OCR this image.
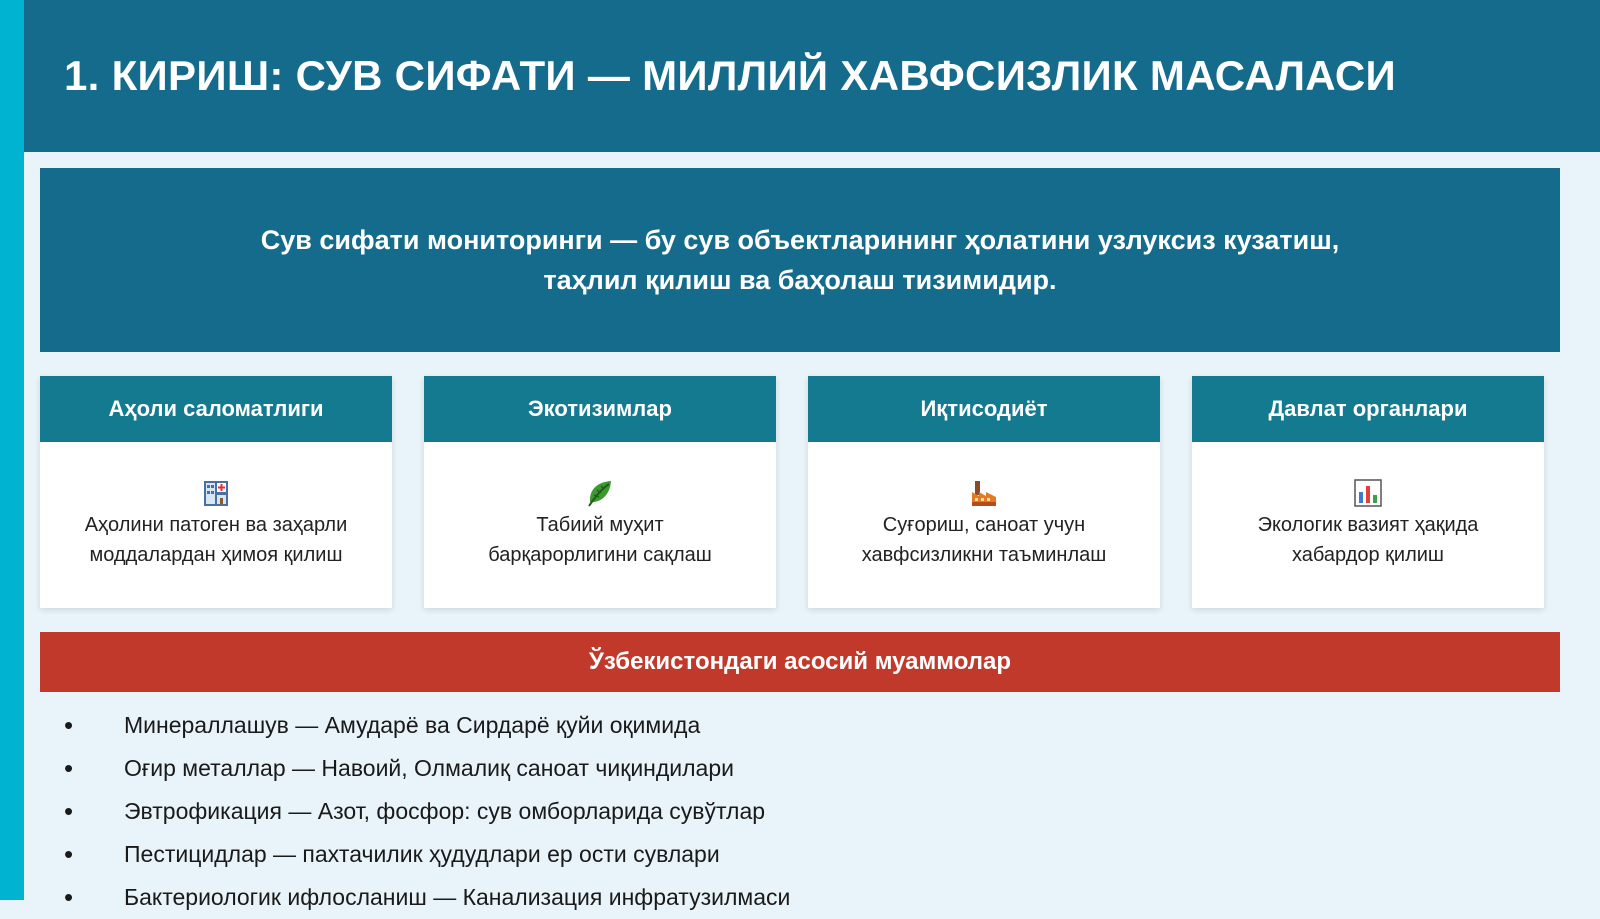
1. КИРИШ: СУВ СИФАТИ — МИЛЛИЙ ХАВФСИЗЛИК МАСАЛАСИ

Сув сифати мониторинги — бу сув объектларининг ҳолатини узлуксиз кузатиш,
таҳлил қилиш ва баҳолаш тизимидир.

Аҳоли саломатлиги
Аҳолини патоген ва заҳарли
моддалардан ҳимоя қилиш
Экотизимлар
Табиий муҳит
барқарорлигини сақлаш
Иқтисодиёт
Суғориш, саноат учун
хавфсизликни таъминлаш
Давлат органлари
Экологик вазият ҳақида
хабардор қилиш
Ўзбекистондаги асосий муаммолар
• Минераллашув — Амударё ва Сирдарё қуйи оқимида
• Оғир металлар — Навоий, Олмалиқ саноат чиқиндилари
• Эвтрофикация — Азот, фосфор: сув омборларида сувўтлар
• Пестицидлар — пахтачилик ҳудудлари ер ости сувлари
• Бактериологик ифлосланиш — Канализация инфратузилмаси
